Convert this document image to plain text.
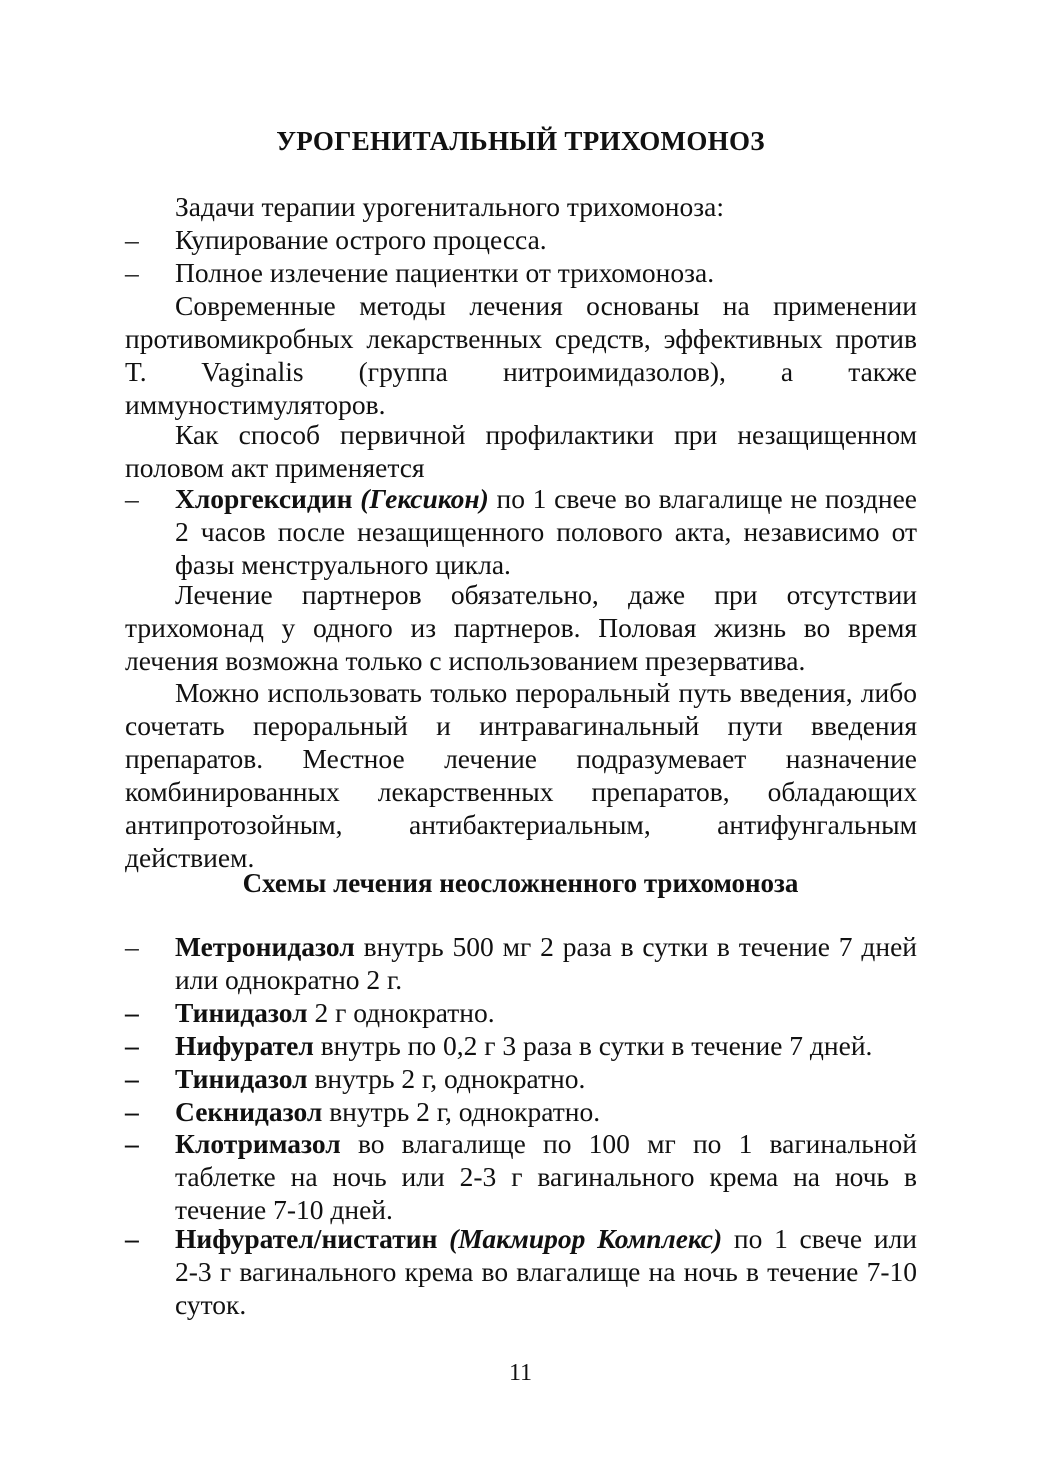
УРОГЕНИТАЛЬНЫЙ ТРИХОМОНОЗ

Задачи терапии урогенитального трихомоноза:

–	Купирование острого процесса.
–	Полное излечение пациентки от трихомоноза.

Современные методы лечения основаны на применении противомикробных лекарственных средств, эффективных против T. Vaginalis (группа нитроимидазолов), а также иммуностимуляторов.

Как способ первичной профилактики при незащищенном половом акт применяется

–	Хлоргексидин (Гексикон) по 1 свече во влагалище не позднее 2 часов после незащищенного полового акта, независимо от фазы менструального цикла.

Лечение партнеров обязательно, даже при отсутствии трихомонад у одного из партнеров. Половая жизнь во время лечения возможна только с использованием презерватива.

Можно использовать только пероральный путь введения, либо сочетать пероральный и интравагинальный пути введения препаратов. Местное лечение подразумевает назначение комбинированных лекарственных препаратов, обладающих антипротозойным, антибактериальным, антифунгальным действием.

Схемы лечения неосложненного трихомоноза
–	Метронидазол внутрь 500 мг 2 раза в сутки в течение 7 дней или однократно 2 г.
–	Тинидазол 2 г однократно.
–	Нифурател внутрь по 0,2 г 3 раза в сутки в течение 7 дней.
–	Тинидазол внутрь 2 г, однократно.
–	Секнидазол внутрь 2 г, однократно.
–	Клотримазол во влагалище по 100 мг по 1 вагинальной таблетке на ночь или 2-3 г вагинального крема на ночь в течение 7-10 дней.
–	Нифурател/нистатин (Макмирор Комплекс) по 1 свече или 2-3 г вагинального крема во влагалище на ночь в течение 7-10 суток.
11
